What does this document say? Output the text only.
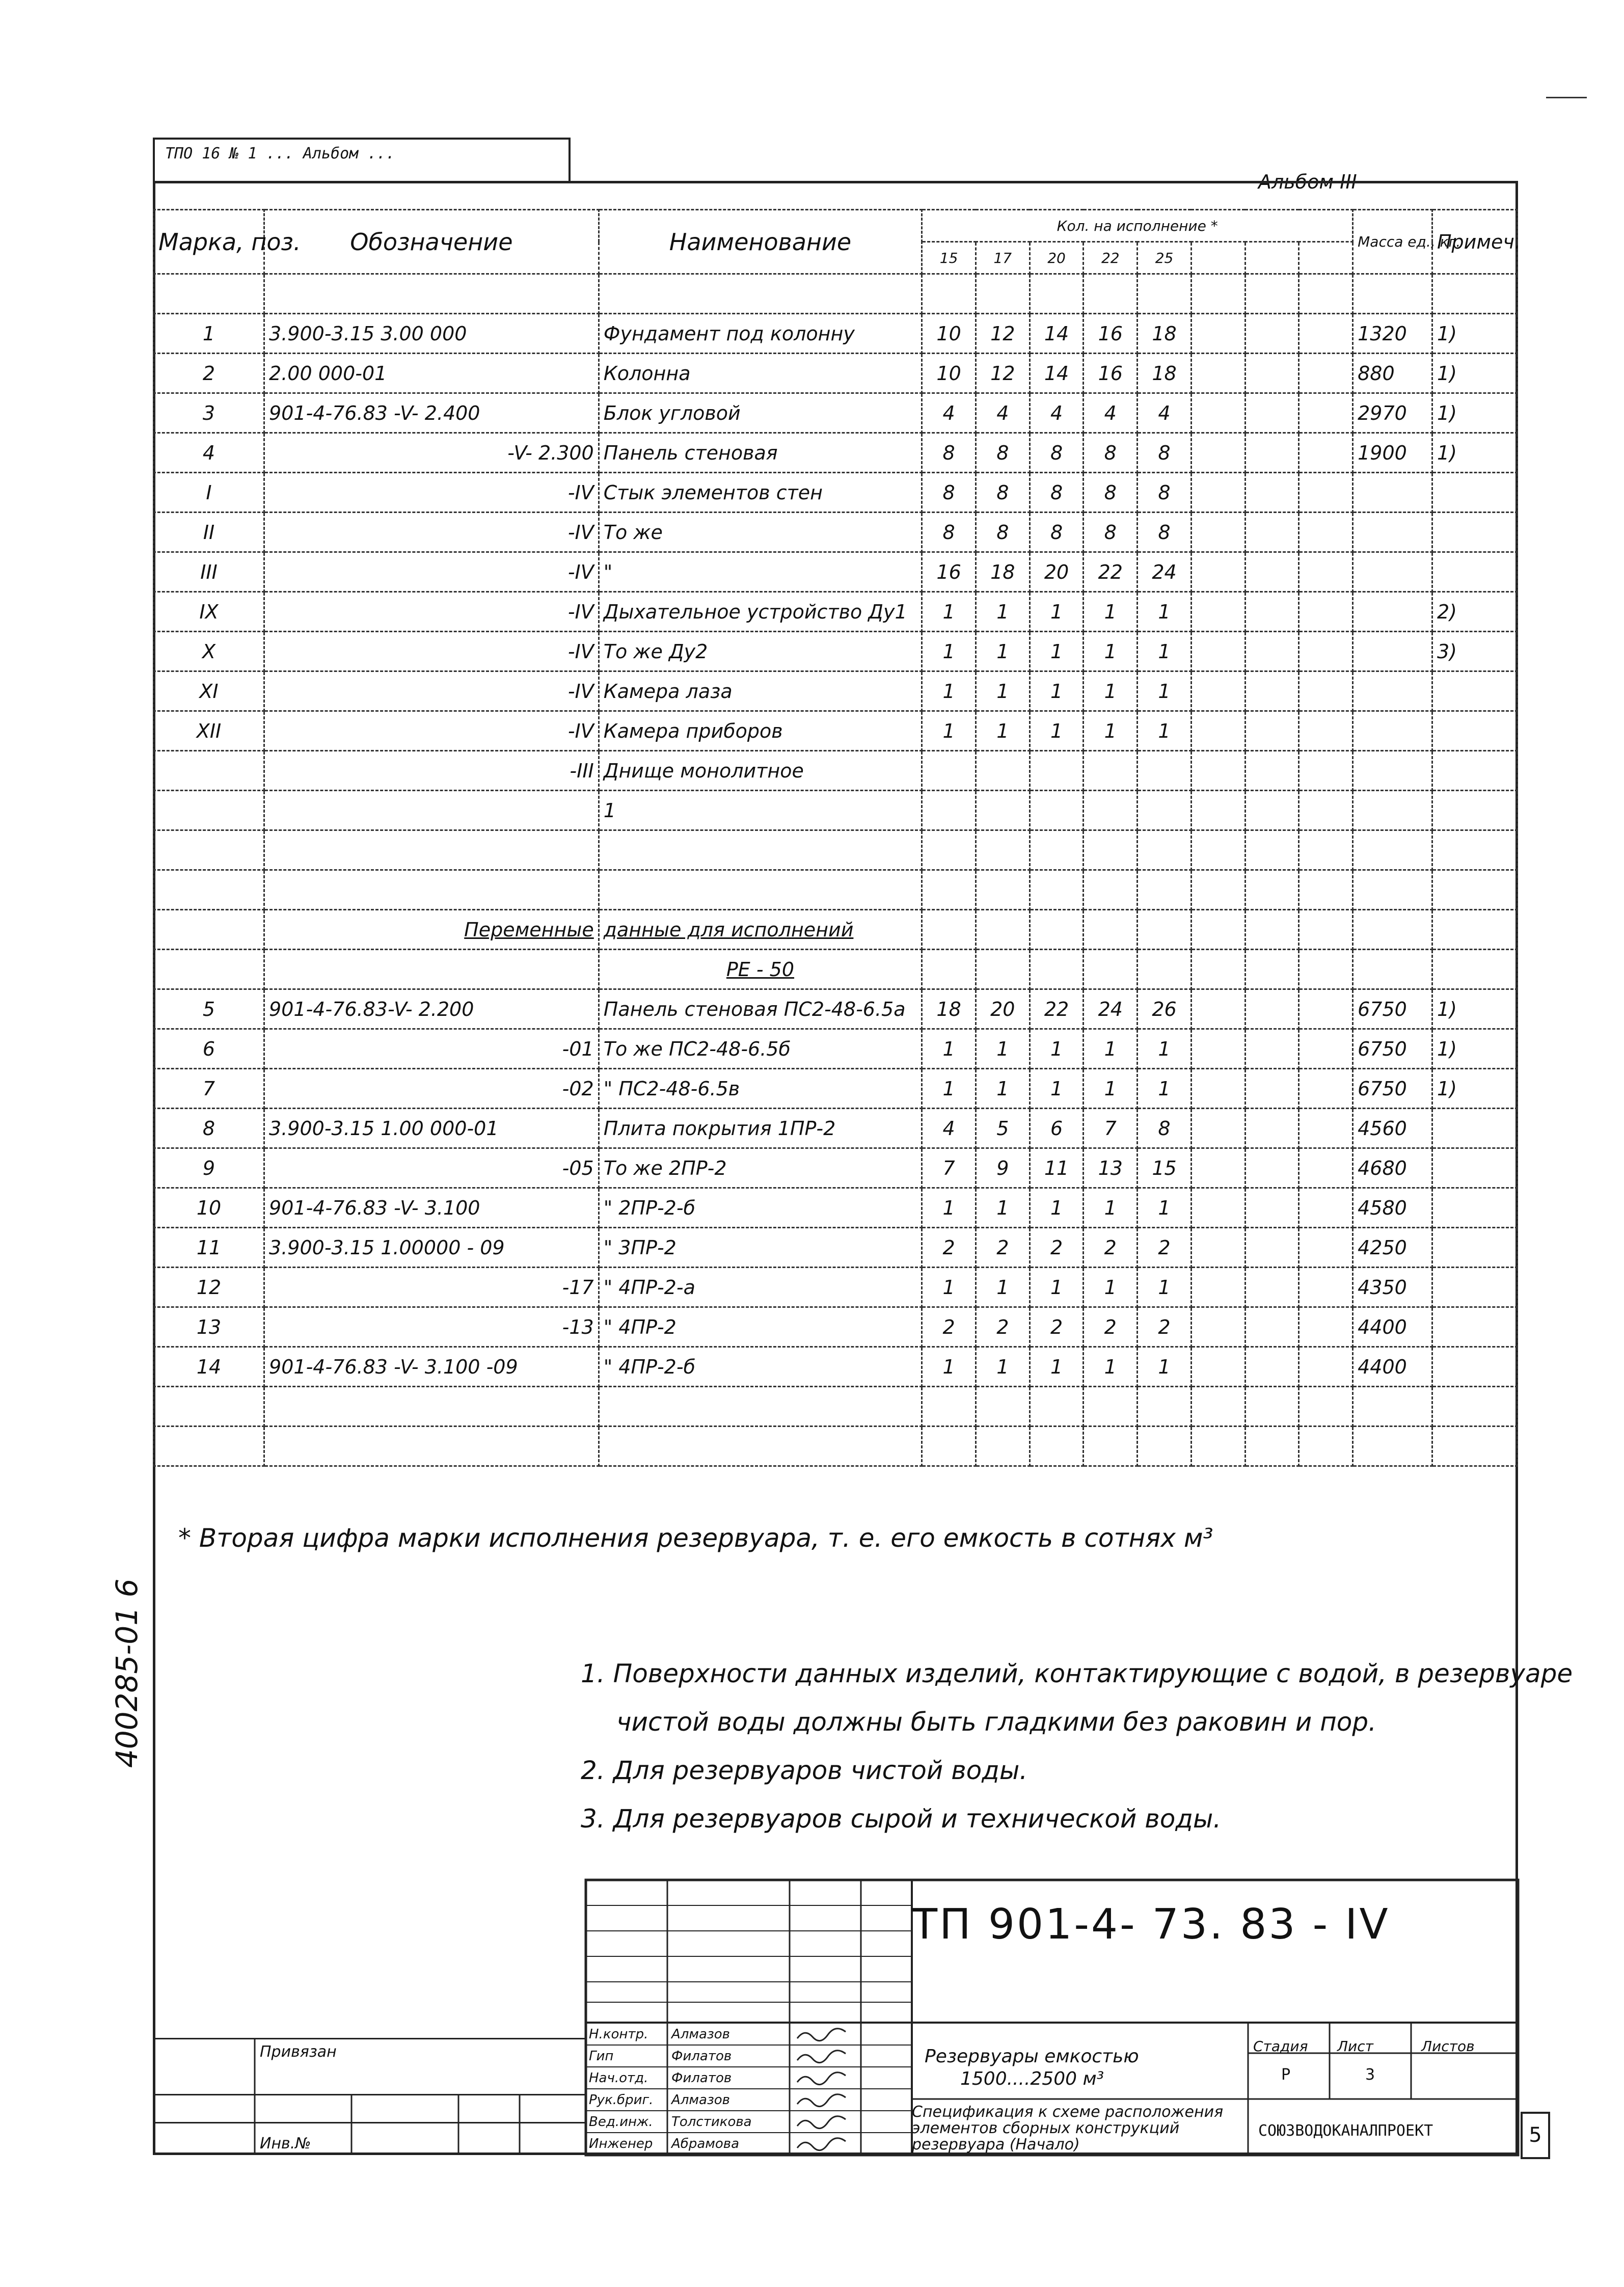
ТПО 16 № 1 ... Альбом ...
Альбом III
Марка, поз.	Обозначение	Наименование	Кол. на исполнение *								Масса ед., кг.	Примеч.
			15	17	20	22	25					

1	3.900-3.15 3.00 000	Фундамент под колонну	10	12	14	16	18				1320	1)
2	2.00 000-01	Колонна	10	12	14	16	18				880	1)
3	901-4-76.83 -V- 2.400	Блок угловой	4	4	4	4	4				2970	1)
4	-V- 2.300	Панель стеновая	8	8	8	8	8				1900	1)
I	-IV	Стык элементов стен	8	8	8	8	8					
II	-IV	То же	8	8	8	8	8					
III	-IV	"	16	18	20	22	24					
IX	-IV	Дыхательное устройство Ду1	1	1	1	1	1					2)
X	-IV	То же Ду2	1	1	1	1	1					3)
XI	-IV	Камера лаза	1	1	1	1	1					
XII	-IV	Камера приборов	1	1	1	1	1					
	-III	Днище монолитное										
		1										

	Переменные	данные для исполнений										
		РЕ - 50										
5	901-4-76.83-V- 2.200	Панель стеновая ПС2-48-6.5а	18	20	22	24	26				6750	1)
6	-01	То же ПС2-48-6.5б	1	1	1	1	1				6750	1)
7	-02	" ПС2-48-6.5в	1	1	1	1	1				6750	1)
8	3.900-3.15 1.00 000-01	Плита покрытия 1ПР-2	4	5	6	7	8				4560	
9	-05	То же 2ПР-2	7	9	11	13	15				4680	
10	901-4-76.83 -V- 3.100	" 2ПР-2-б	1	1	1	1	1				4580	
11	3.900-3.15 1.00000 - 09	" 3ПР-2	2	2	2	2	2				4250	
12	-17	" 4ПР-2-а	1	1	1	1	1				4350	
13	-13	" 4ПР-2	2	2	2	2	2				4400	
14	901-4-76.83 -V- 3.100 -09	" 4ПР-2-б	1	1	1	1	1				4400	

* Вторая цифра марки исполнения резервуара, т. е. его емкость в сотнях м³
1. Поверхности данных изделий, контактирующие с водой, в резервуаре
чистой воды должны быть гладкими без раковин и пор.
2. Для резервуаров чистой воды.
3. Для резервуаров сырой и технической воды.
Привязан
Инв.№
ТП 901-4- 73. 83 - IV
Н.контр.	Алмазов
Гип	Филатов
Нач.отд.	Филатов
Рук.бриг.	Алмазов
Вед.инж.	Толстикова
Инженер	Абрамова
Резервуары емкостью
1500....2500 м³
Спецификация к схеме расположения элементов сборных конструкций резервуара (Начало)
Стадия Лист	Листов
Р	3
СОЮЗВОДОКАНАЛПРОЕКТ
400285-01 6
5
